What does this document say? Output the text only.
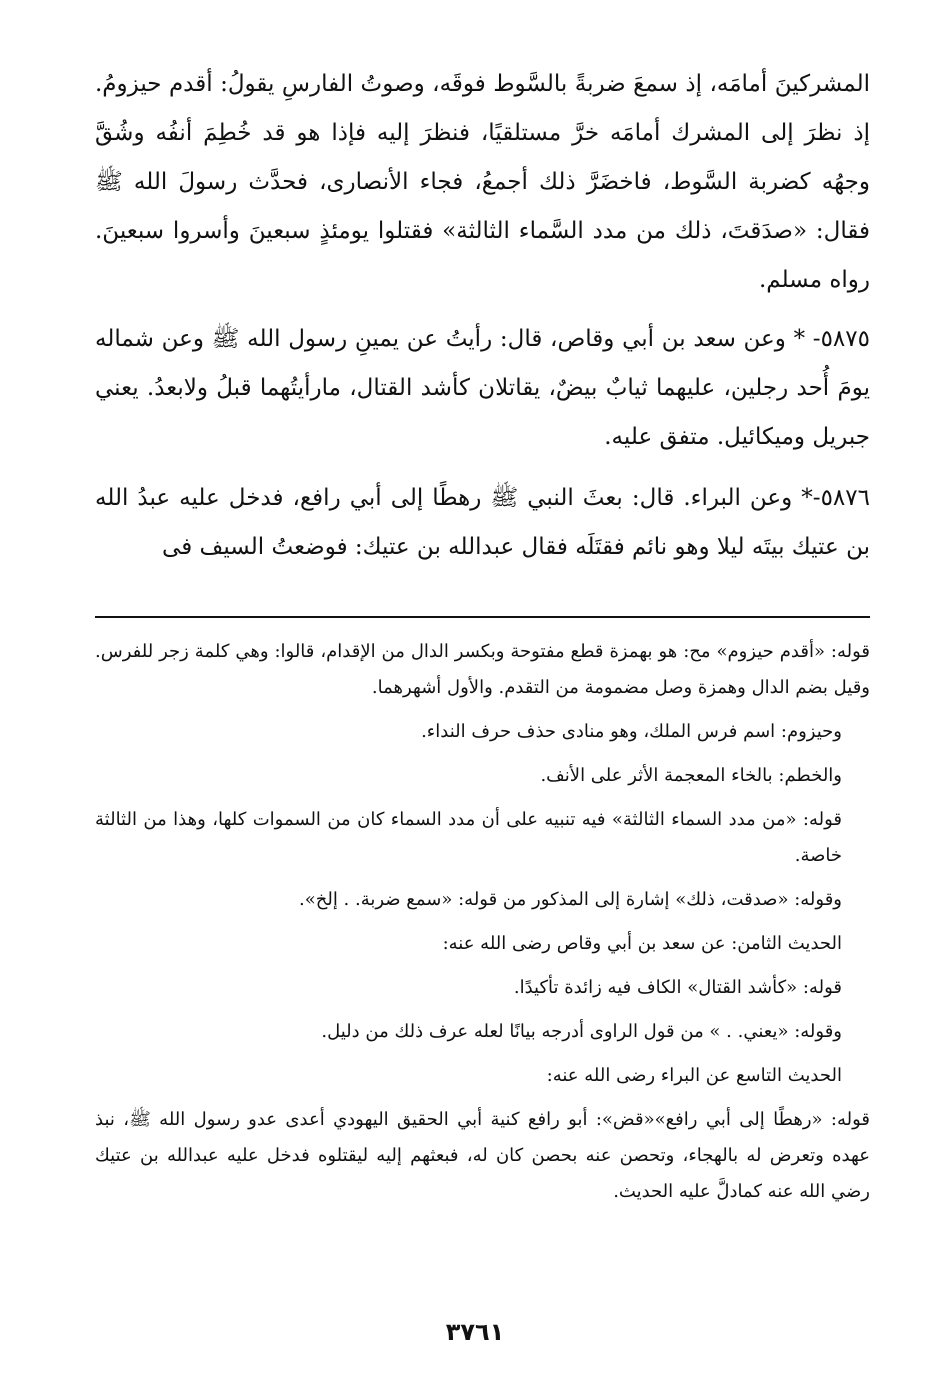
المشركينَ أمامَه، إذ سمعَ ضربةً بالسَّوط فوقَه، وصوتُ الفارسِ يقولُ: أقدم حيزومُ. إذ نظرَ إلى المشرك أمامَه خرَّ مستلقيًا، فنظرَ إليه فإذا هو قد خُطِمَ أنفُه وشُقَّ وجهُه كضربة السَّوط، فاخضَرَّ ذلك أجمعُ، فجاء الأنصارى، فحدَّث رسولَ الله ﷺ فقال: «صدَقتَ، ذلك من مدد السَّماء الثالثة» فقتلوا يومئذٍ سبعينَ وأسروا سبعينَ. رواه مسلم.

٥٨٧٥- * وعن سعد بن أبي وقاص، قال: رأيتُ عن يمينِ رسول الله ﷺ وعن شماله يومَ أُحد رجلين، عليهما ثيابٌ بيضٌ، يقاتلان كأشد القتال، مارأيتُهما قبلُ ولابعدُ. يعني جبريل وميكائيل. متفق عليه.

٥٨٧٦-* وعن البراء. قال: بعثَ النبي ﷺ رهطًا إلى أبي رافع، فدخل عليه عبدُ الله بن عتيك بيتَه ليلا وهو نائم فقتَلَه فقال عبدالله بن عتيك: فوضعتُ السيف فى

قوله: «أقدم حيزوم» مح: هو بهمزة قطع مفتوحة وبكسر الدال من الإقدام، قالوا: وهي كلمة زجر للفرس. وقيل بضم الدال وهمزة وصل مضمومة من التقدم. والأول أشهرهما.

وحيزوم: اسم فرس الملك، وهو منادى حذف حرف النداء.

والخطم: بالخاء المعجمة الأثر على الأنف.

قوله: «من مدد السماء الثالثة» فيه تنبيه على أن مدد السماء كان من السموات كلها، وهذا من الثالثة خاصة.

وقوله: «صدقت، ذلك» إشارة إلى المذكور من قوله: «سمع ضربة. . إلخ».

الحديث الثامن: عن سعد بن أبي وقاص رضى الله عنه:

قوله: «كأشد القتال» الكاف فيه زائدة تأكيدًا.

وقوله: «يعني. . » من قول الراوى أدرجه بيانًا لعله عرف ذلك من دليل.

الحديث التاسع عن البراء رضى الله عنه:

قوله: «رهطًا إلى أبي رافع»«قض»: أبو رافع كنية أبي الحقيق اليهودي أعدى عدو رسول الله ﷺ، نبذ عهده وتعرض له بالهجاء، وتحصن عنه بحصن كان له، فبعثهم إليه ليقتلوه فدخل عليه عبدالله بن عتيك رضي الله عنه كمادلَّ عليه الحديث.

٣٧٦١
